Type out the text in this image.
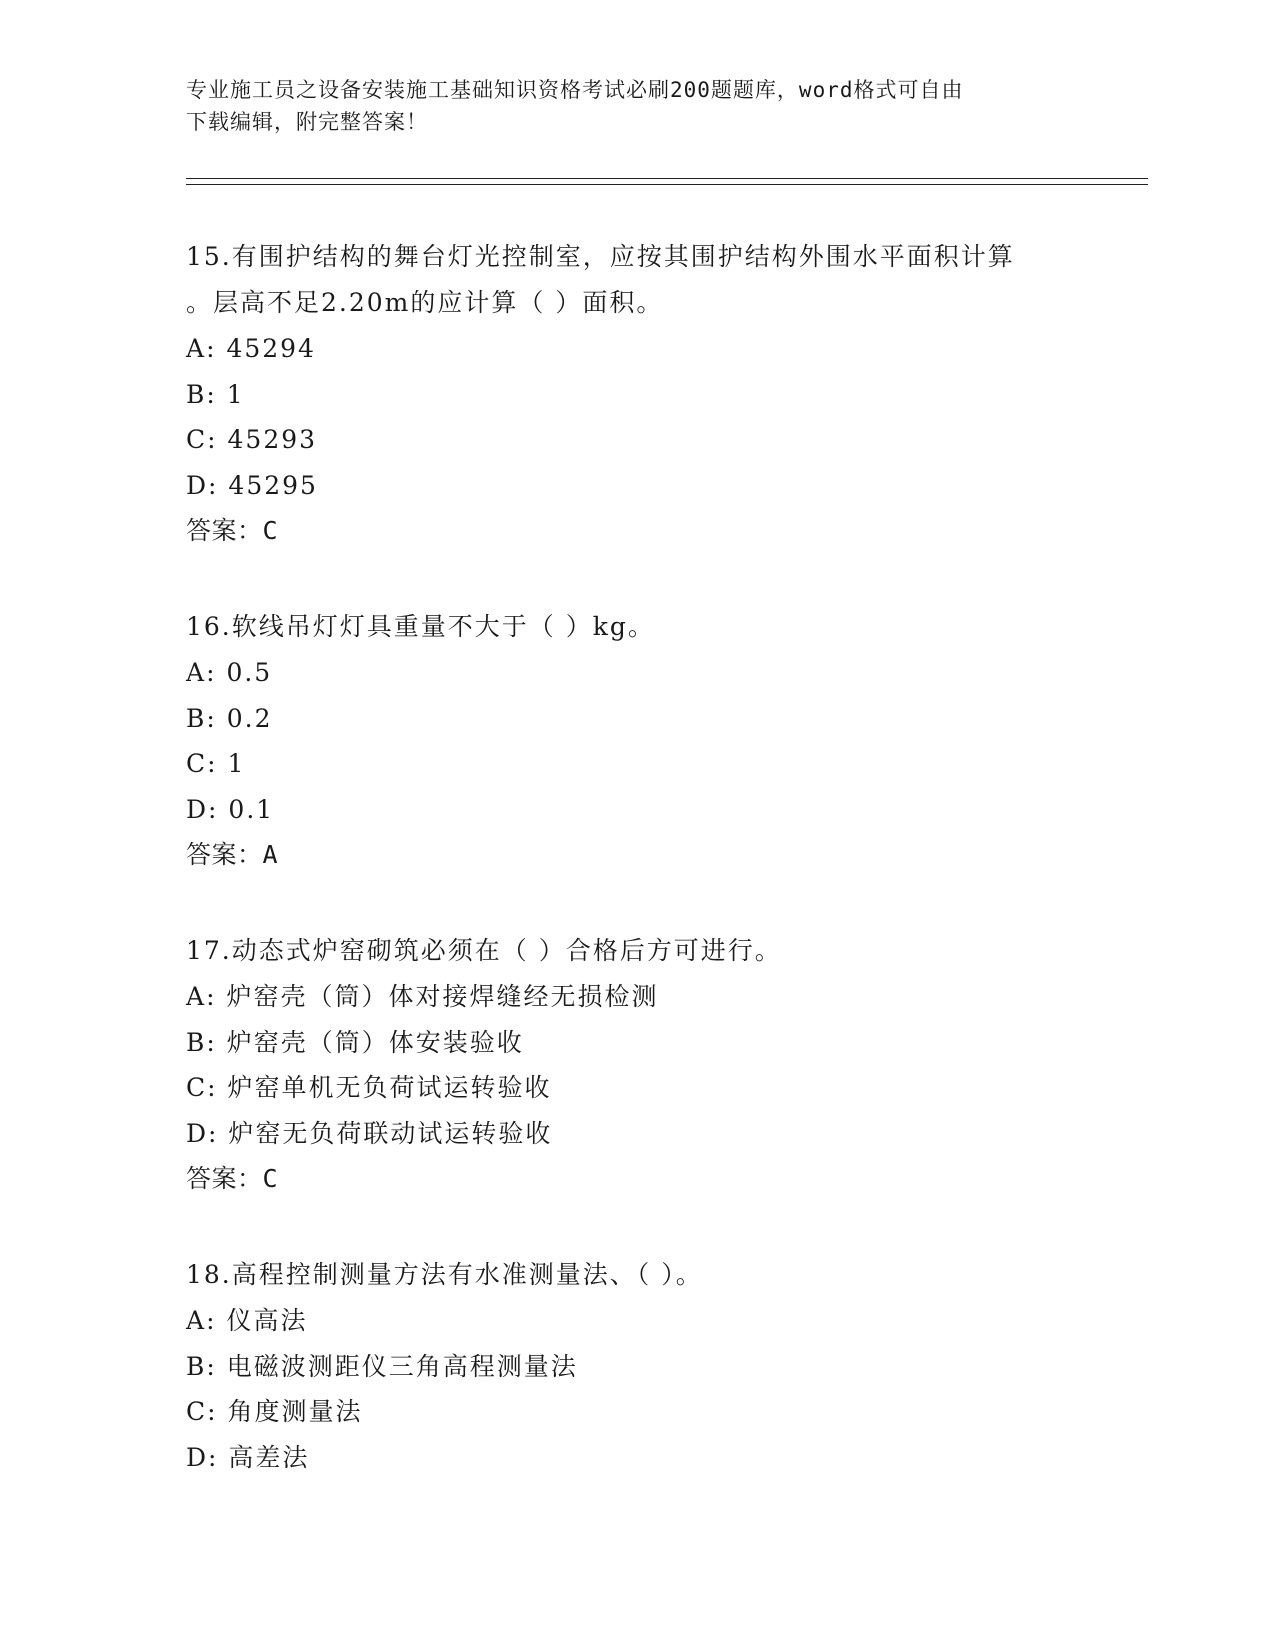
专业施工员之设备安装施工基础知识资格考试必刷200题题库，word格式可自由
下载编辑，附完整答案！
15.有围护结构的舞台灯光控制室，应按其围护结构外围水平面积计算
。层高不足2.20m的应计算（ ）面积。
A: 45294
B: 1
C: 45293
D: 45295
答案：C
16.软线吊灯灯具重量不大于（ ）kg。
A: 0.5
B: 0.2
C: 1
D: 0.1
答案：A
17.动态式炉窑砌筑必须在（ ）合格后方可进行。
A: 炉窑壳（筒）体对接焊缝经无损检测
B: 炉窑壳（筒）体安装验收
C: 炉窑单机无负荷试运转验收
D: 炉窑无负荷联动试运转验收
答案：C
18.高程控制测量方法有水准测量法、（ ）。
A: 仪高法
B: 电磁波测距仪三角高程测量法
C: 角度测量法
D: 高差法
